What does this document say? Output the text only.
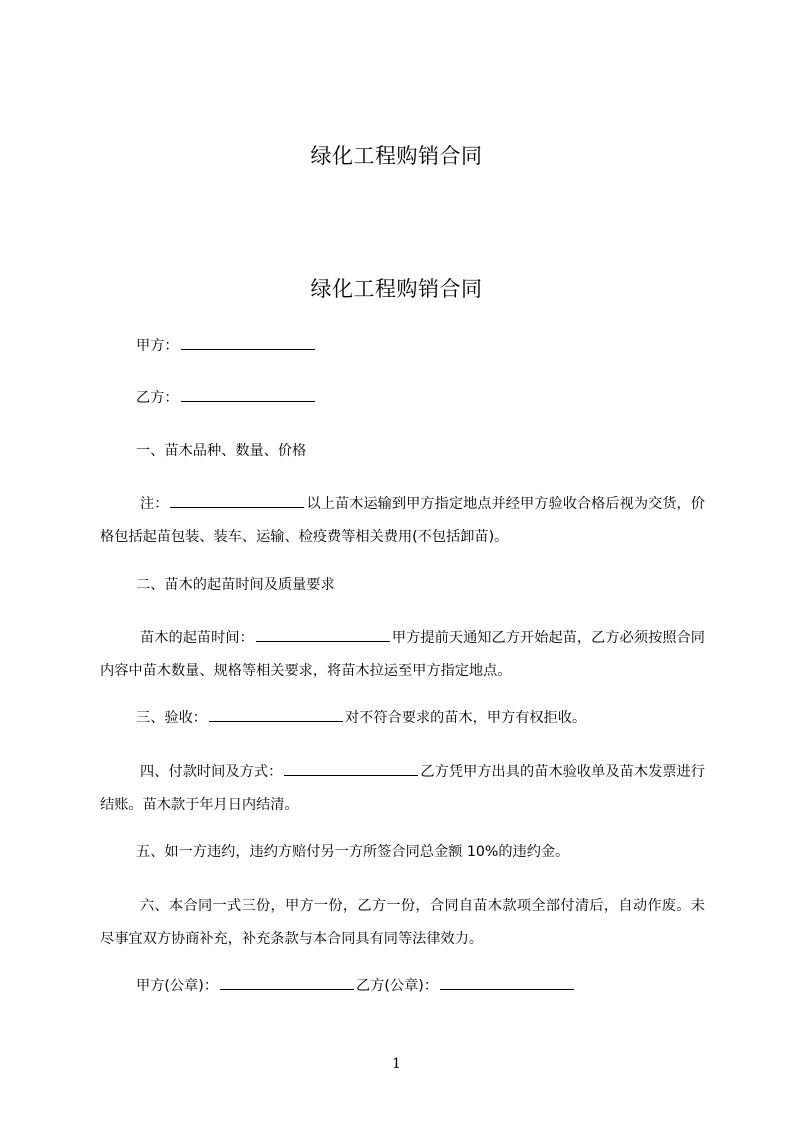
绿化工程购销合同
绿化工程购销合同

甲方：

乙方：

一、苗木品种、数量、价格

注：	以上苗木运输到甲方指定地点并经甲方验收合格后视为交货，价格包括起苗包装、装车、运输、检疫费等相关费用(不包括卸苗)。

二、苗木的起苗时间及质量要求

苗木的起苗时间：	甲方提前天通知乙方开始起苗，乙方必须按照合同内容中苗木数量、规格等相关要求，将苗木拉运至甲方指定地点。

三、验收：	对不符合要求的苗木，甲方有权拒收。

四、付款时间及方式：	乙方凭甲方出具的苗木验收单及苗木发票进行结账。苗木款于年月日内结清。

五、如一方违约，违约方赔付另一方所签合同总金额 10%的违约金。

六、本合同一式三份，甲方一份，乙方一份，合同自苗木款项全部付清后，自动作废。未尽事宜双方协商补充，补充条款与本合同具有同等法律效力。

甲方(公章)：	乙方(公章)：

1
